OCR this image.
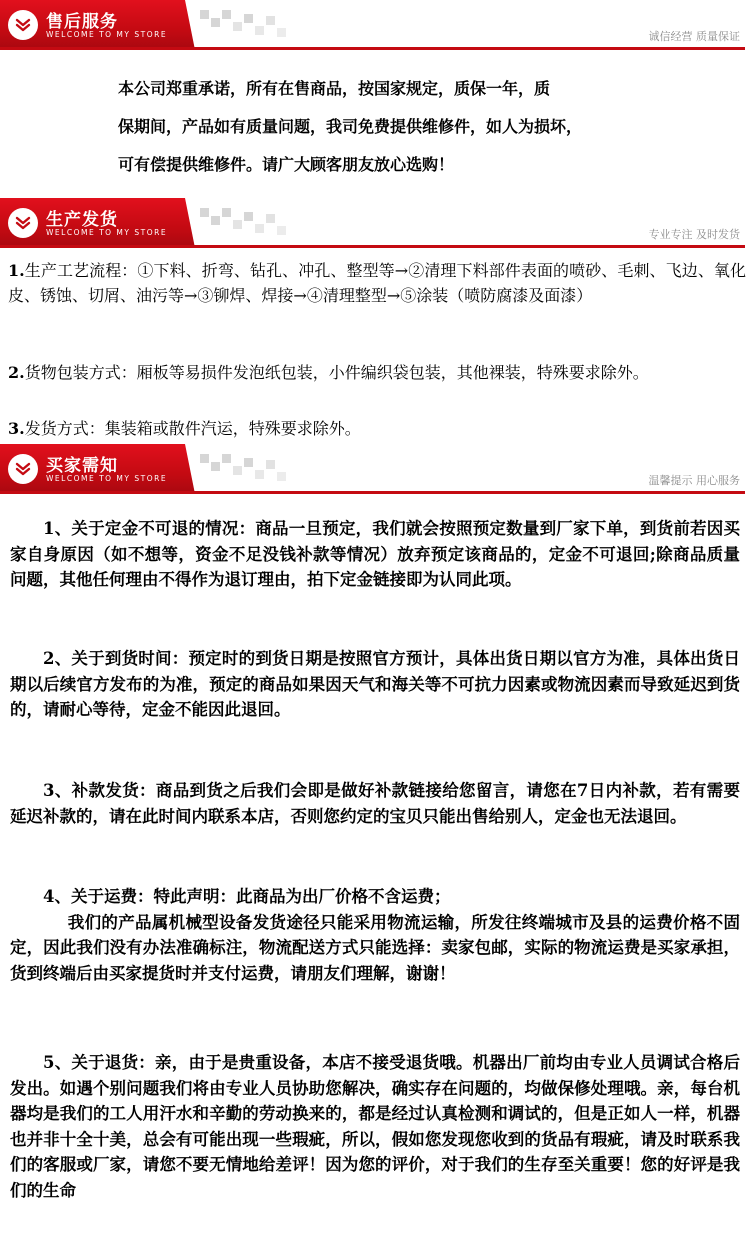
售后服务
WELCOME TO MY STORE	诚信经营 质量保证
本公司郑重承诺，所有在售商品，按国家规定，质保一年，质
保期间，产品如有质量问题，我司免费提供维修件，如人为损坏，
可有偿提供维修件。请广大顾客朋友放心选购！
生产发货
WELCOME TO MY STORE	专业专注 及时发货
1.生产工艺流程：①下料、折弯、钻孔、冲孔、整型等→②清理下料部件表面的喷砂、毛刺、飞边、氧化皮、锈蚀、切屑、油污等→③铆焊、焊接→④清理整型→⑤涂装（喷防腐漆及面漆）
2.货物包装方式：厢板等易损件发泡纸包装，小件编织袋包装，其他裸装，特殊要求除外。
3.发货方式：集装箱或散件汽运，特殊要求除外。
买家需知
WELCOME TO MY STORE	温馨提示 用心服务
1、关于定金不可退的情况：商品一旦预定，我们就会按照预定数量到厂家下单，到货前若因买家自身原因（如不想等，资金不足没钱补款等情况）放弃预定该商品的，定金不可退回;除商品质量问题，其他任何理由不得作为退订理由，拍下定金链接即为认同此项。
2、关于到货时间：预定时的到货日期是按照官方预计，具体出货日期以官方为准，具体出货日期以后续官方发布的为准，预定的商品如果因天气和海关等不可抗力因素或物流因素而导致延迟到货的，请耐心等待，定金不能因此退回。
3、补款发货：商品到货之后我们会即是做好补款链接给您留言，请您在7日内补款，若有需要延迟补款的，请在此时间内联系本店，否则您约定的宝贝只能出售给别人，定金也无法退回。

4、关于运费：特此声明：此商品为出厂价格不含运费；

我们的产品属机械型设备发货途径只能采用物流运输，所发往终端城市及县的运费价格不固定，因此我们没有办法准确标注，物流配送方式只能选择：卖家包邮，实际的物流运费是买家承担，货到终端后由买家提货时并支付运费，请朋友们理解，谢谢！

5、关于退货：亲，由于是贵重设备，本店不接受退货哦。机器出厂前均由专业人员调试合格后发出。如遇个别问题我们将由专业人员协助您解决，确实存在问题的，均做保修处理哦。亲，每台机器均是我们的工人用汗水和辛勤的劳动换来的，都是经过认真检测和调试的，但是正如人一样，机器也并非十全十美，总会有可能出现一些瑕疵，所以，假如您发现您收到的货品有瑕疵，请及时联系我们的客服或厂家，请您不要无情地给差评！因为您的评价，对于我们的生存至关重要！您的好评是我们的生命
